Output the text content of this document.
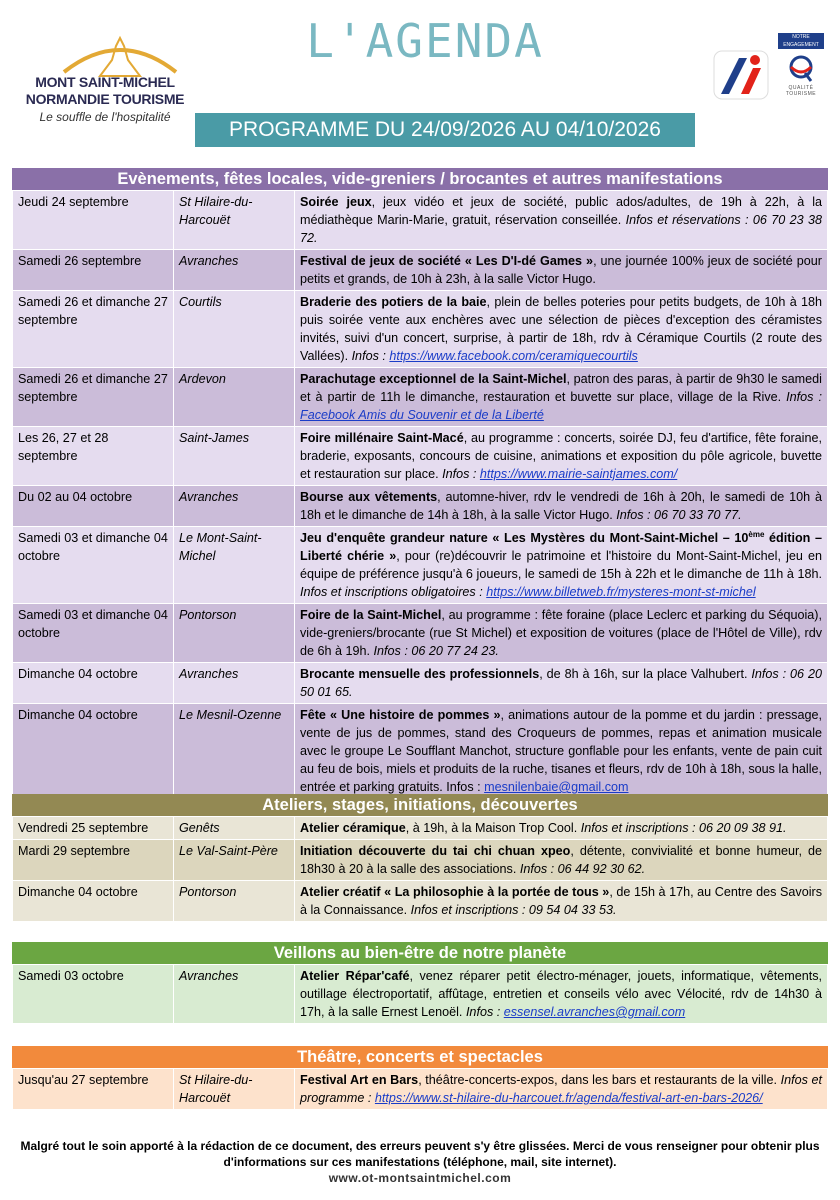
MONT SAINT-MICHEL
NORMANDIE TOURISME
Le souffle de l'hospitalité
L'AGENDA
PROGRAMME DU 24/09/2026 AU 04/10/2026
NOTRE ENGAGEMENT
QUALITÉ TOURISME
Evènements, fêtes locales, vide-greniers / brocantes et autres manifestations
Jeudi 24 septembre	St Hilaire-du-Harcouët	Soirée jeux, jeux vidéo et jeux de société, public ados/adultes, de 19h à 22h, à la médiathèque Marin-Marie, gratuit, réservation conseillée. Infos et réservations : 06 70 23 38 72.
Samedi 26 septembre	Avranches	Festival de jeux de société « Les D'I-dé Games », une journée 100% jeux de société pour petits et grands, de 10h à 23h, à la salle Victor Hugo.
Samedi 26 et dimanche 27 septembre	Courtils	Braderie des potiers de la baie, plein de belles poteries pour petits budgets, de 10h à 18h puis soirée vente aux enchères avec une sélection de pièces d'exception des céramistes invités, suivi d'un concert, surprise, à partir de 18h, rdv à Céramique Courtils (2 route des Vallées). Infos : https://www.facebook.com/ceramiquecourtils
Samedi 26 et dimanche 27 septembre	Ardevon	Parachutage exceptionnel de la Saint-Michel, patron des paras, à partir de 9h30 le samedi et à partir de 11h le dimanche, restauration et buvette sur place, village de la Rive. Infos : Facebook Amis du Souvenir et de la Liberté
Les 26, 27 et 28 septembre	Saint-James	Foire millénaire Saint-Macé, au programme : concerts, soirée DJ, feu d'artifice, fête foraine, braderie, exposants, concours de cuisine, animations et exposition du pôle agricole, buvette et restauration sur place. Infos : https://www.mairie-saintjames.com/
Du 02 au 04 octobre	Avranches	Bourse aux vêtements, automne-hiver, rdv le vendredi de 16h à 20h, le samedi de 10h à 18h et le dimanche de 14h à 18h, à la salle Victor Hugo. Infos : 06 70 33 70 77.
Samedi 03 et dimanche 04 octobre	Le Mont-Saint-Michel	Jeu d'enquête grandeur nature « Les Mystères du Mont-Saint-Michel – 10ème édition – Liberté chérie », pour (re)découvrir le patrimoine et l'histoire du Mont-Saint-Michel, jeu en équipe de préférence jusqu'à 6 joueurs, le samedi de 15h à 22h et le dimanche de 11h à 18h. Infos et inscriptions obligatoires : https://www.billetweb.fr/mysteres-mont-st-michel
Samedi 03 et dimanche 04 octobre	Pontorson	Foire de la Saint-Michel, au programme : fête foraine (place Leclerc et parking du Séquoia), vide-greniers/brocante (rue St Michel) et exposition de voitures (place de l'Hôtel de Ville), rdv de 6h à 19h. Infos : 06 20 77 24 23.
Dimanche 04 octobre	Avranches	Brocante mensuelle des professionnels, de 8h à 16h, sur la place Valhubert. Infos : 06 20 50 01 65.
Dimanche 04 octobre	Le Mesnil-Ozenne	Fête « Une histoire de pommes », animations autour de la pomme et du jardin : pressage, vente de jus de pommes, stand des Croqueurs de pommes, repas et animation musicale avec le groupe Le Soufflant Manchot, structure gonflable pour les enfants, vente de pain cuit au feu de bois, miels et produits de la ruche, tisanes et fleurs, rdv de 10h à 18h, sous la halle, entrée et parking gratuits. Infos : mesnilenbaie@gmail.com
Ateliers, stages, initiations, découvertes
Vendredi 25 septembre	Genêts	Atelier céramique, à 19h, à la Maison Trop Cool. Infos et inscriptions : 06 20 09 38 91.
Mardi 29 septembre	Le Val-Saint-Père	Initiation découverte du tai chi chuan xpeo, détente, convivialité et bonne humeur, de 18h30 à 20 à la salle des associations. Infos : 06 44 92 30 62.
Dimanche 04 octobre	Pontorson	Atelier créatif « La philosophie à la portée de tous », de 15h à 17h, au Centre des Savoirs à la Connaissance. Infos et inscriptions : 09 54 04 33 53.
Veillons au bien-être de notre planète
Samedi 03 octobre	Avranches	Atelier Répar'café, venez réparer petit électro-ménager, jouets, informatique, vêtements, outillage électroportatif, affûtage, entretien et conseils vélo avec Vélocité, rdv de 14h30 à 17h, à la salle Ernest Lenoël. Infos : essensel.avranches@gmail.com
Théâtre, concerts et spectacles
Jusqu'au 27 septembre	St Hilaire-du-Harcouët	Festival Art en Bars, théâtre-concerts-expos, dans les bars et restaurants de la ville. Infos et programme : https://www.st-hilaire-du-harcouet.fr/agenda/festival-art-en-bars-2026/
Malgré tout le soin apporté à la rédaction de ce document, des erreurs peuvent s'y être glissées. Merci de vous renseigner pour obtenir plus d'informations sur ces manifestations (téléphone, mail, site internet).
www.ot-montsaintmichel.com
